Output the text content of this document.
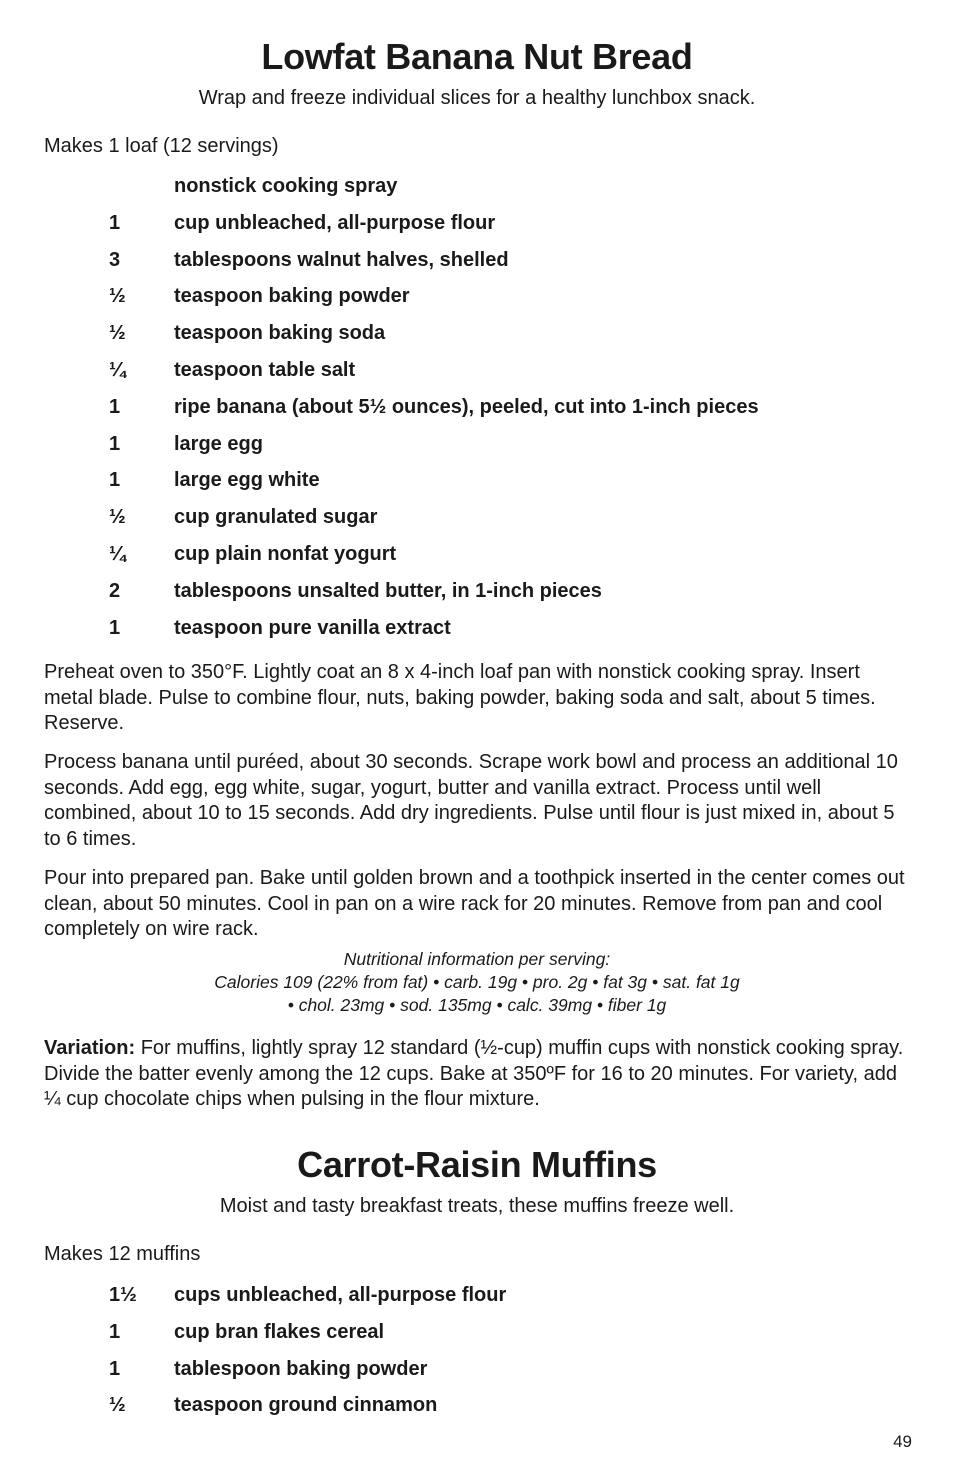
Lowfat Banana Nut Bread

Wrap and freeze individual slices for a healthy lunchbox snack.

Makes 1 loaf (12 servings)

nonstick cooking spray
1	cup unbleached, all-purpose flour
3	tablespoons walnut halves, shelled
½ teaspoon baking powder
½ teaspoon baking soda
¼ teaspoon table salt
1	ripe banana (about 5½ ounces), peeled, cut into 1-inch pieces
1	large egg
1	large egg white
½ cup granulated sugar
¼ cup plain nonfat yogurt
2	tablespoons unsalted butter, in 1-inch pieces
1	teaspoon pure vanilla extract

Preheat oven to 350°F. Lightly coat an 8 x 4-inch loaf pan with nonstick cooking spray. Insert metal blade. Pulse to combine flour, nuts, baking powder, baking soda and salt, about 5 times. Reserve.

Process banana until puréed, about 30 seconds. Scrape work bowl and process an additional 10 seconds. Add egg, egg white, sugar, yogurt, butter and vanilla extract. Process until well combined, about 10 to 15 seconds. Add dry ingredients. Pulse until flour is just mixed in, about 5 to 6 times.

Pour into prepared pan. Bake until golden brown and a toothpick inserted in the center comes out clean, about 50 minutes. Cool in pan on a wire rack for 20 minutes. Remove from pan and cool completely on wire rack.

Nutritional information per serving:
Calories 109 (22% from fat) • carb. 19g • pro. 2g • fat 3g • sat. fat 1g
• chol. 23mg • sod. 135mg • calc. 39mg • fiber 1g

Variation: For muffins, lightly spray 12 standard (½-cup) muffin cups with nonstick cooking spray. Divide the batter evenly among the 12 cups. Bake at 350ºF for 16 to 20 minutes. For variety, add ¼ cup chocolate chips when pulsing in the flour mixture.

Carrot-Raisin Muffins

Moist and tasty breakfast treats, these muffins freeze well.

Makes 12 muffins

1½ cups unbleached, all-purpose flour
1	cup bran flakes cereal
1	tablespoon baking powder
½ teaspoon ground cinnamon
49
